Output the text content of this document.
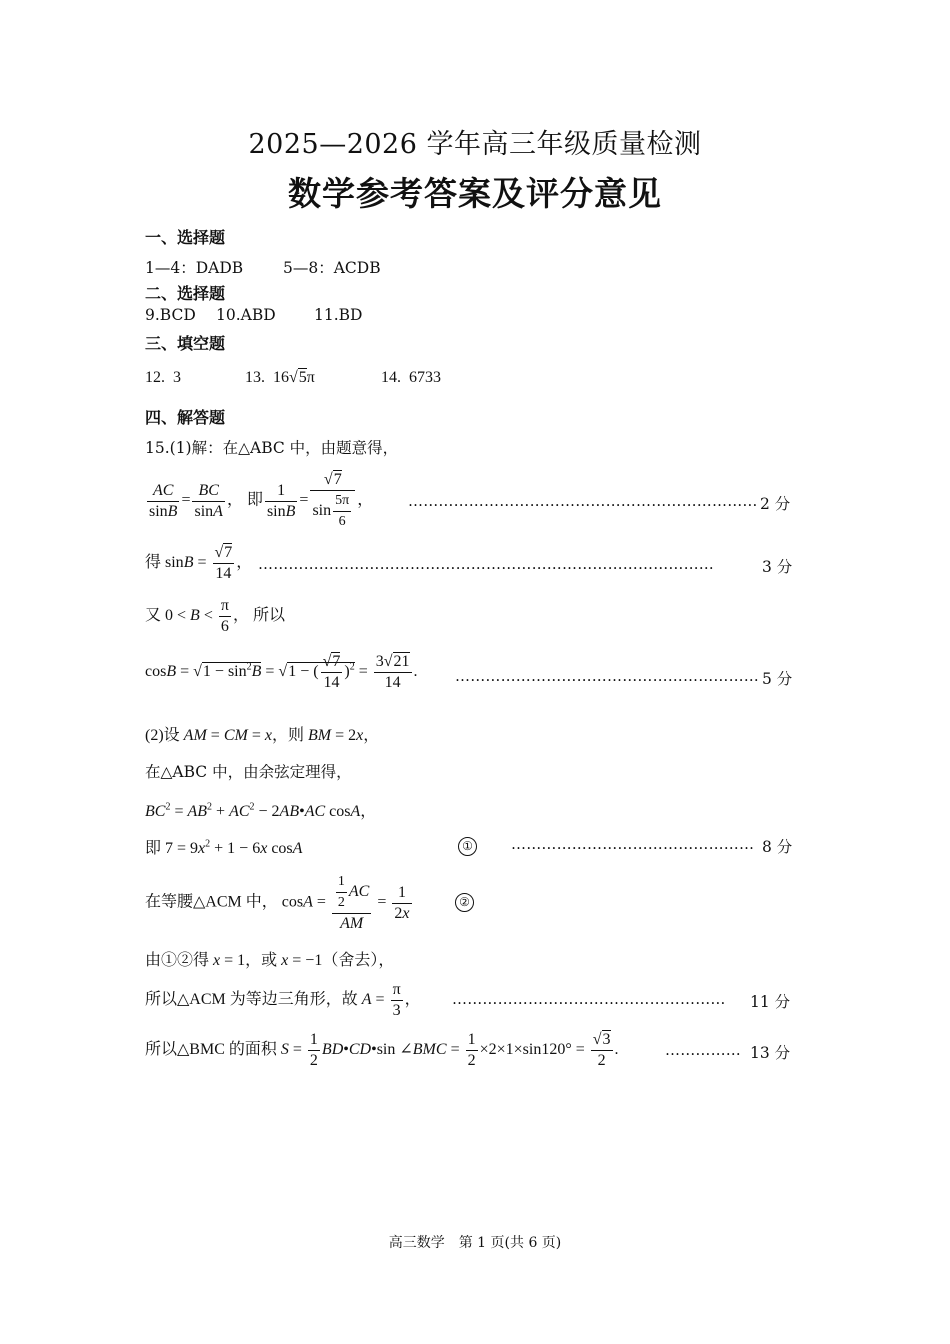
2025—2026 学年高三年级质量检测
数学参考答案及评分意见
一、选择题
1—4：DADB	5—8：ACDB
二、选择题
9.BCD 10.ABD 11.BD
三、填空题
12. 3	13. 16√5π	14. 6733
四、解答题
15.(1)解：在△ABC 中，由题意得，
$\frac{AC}{\sin B} = \frac{BC}{\sin A}$ ， 即 $\frac{1}{\sin B} = \frac{√7}{\sin \frac{5\pi}{6}}$ ， …………………………………………………………… 2 分
得 $\sin B = \frac{√7}{14}$ ， ………………………………………………………………………………	3 分
又 $0 < B < \frac{\pi}{6}$ ， 所以
$\cos B = √1 - \sin^2B = √1$ − ( $\frac{√7}{14} )^2 = \frac{3√21}{14}$ .	…………………………………………………… 5 分
(2)设 AM = CM = x，则 BM = 2x，
在△ABC 中，由余弦定理得，
$BC^2 = AB^2 + AC^2$ − 2AB•AC cosA，
即 $7 = 9x^2 + 1 - 6x$ cosA	①	………………………………………… 8 分
在等腰△ACM 中， $\cos A = \frac{\frac{1}{2} AC}{AM} = \frac{1}{2x}$	②
由①②得 x = 1，或 x = −1（舍去），
所以△ACM 为等边三角形，故 $A = \frac{\pi}{3}$ ， ……………………………………………… 11 分
所以△BMC 的面积 $S = \frac{1}{2}$ BD•CD•sin ∠BMC = $\frac{1}{2} \times 2\times 1\times\sin 120^\circ = \frac{√3}{2}$ .	…………… 13 分
高三数学　第 1 页(共 6 页)
